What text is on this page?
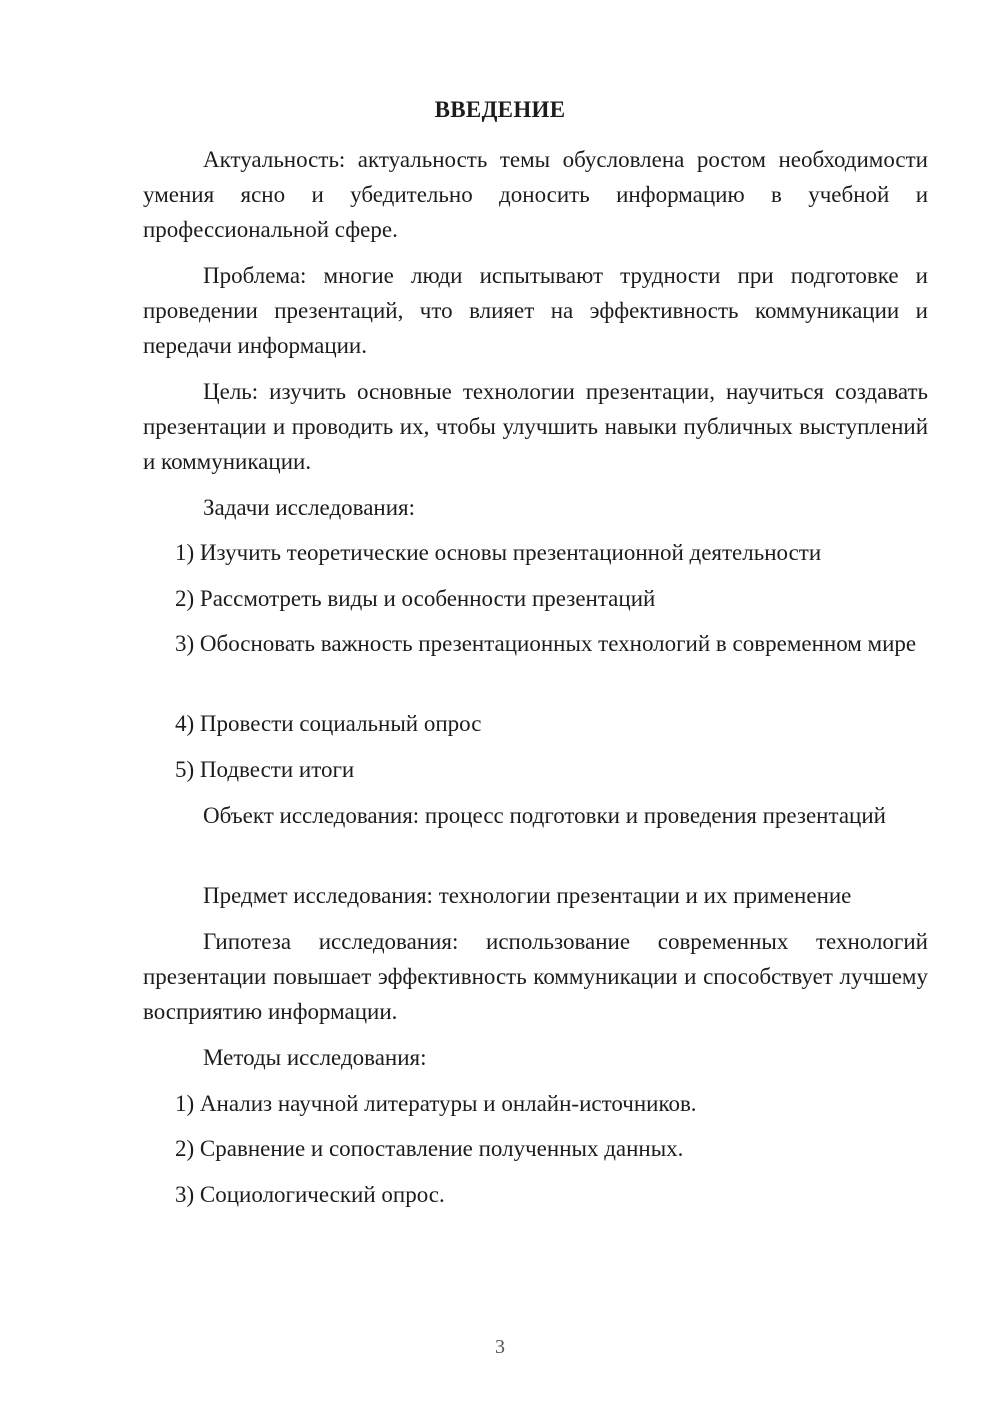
ВВЕДЕНИЕ

Актуальность: актуальность темы обусловлена ростом необходимости умения ясно и убедительно доносить информацию в учебной и профессиональной сфере.

Проблема: многие люди испытывают трудности при подготовке и проведении презентаций, что влияет на эффективность коммуникации и передачи информации.

Цель: изучить основные технологии презентации, научиться создавать презентации и проводить их, чтобы улучшить навыки публичных выступлений и коммуникации.

Задачи исследования:

1) Изучить теоретические основы презентационной деятельности

2) Рассмотреть виды и особенности презентаций

3) Обосновать важность презентационных технологий в современном мире

4) Провести социальный опрос

5) Подвести итоги

Объект исследования: процесс подготовки и проведения презентаций

Предмет исследования: технологии презентации и их применение

Гипотеза исследования: использование современных технологий презентации повышает эффективность коммуникации и способствует лучшему восприятию информации.

Методы исследования:

1) Анализ научной литературы и онлайн-источников.

2) Сравнение и сопоставление полученных данных.

3) Социологический опрос.

3
